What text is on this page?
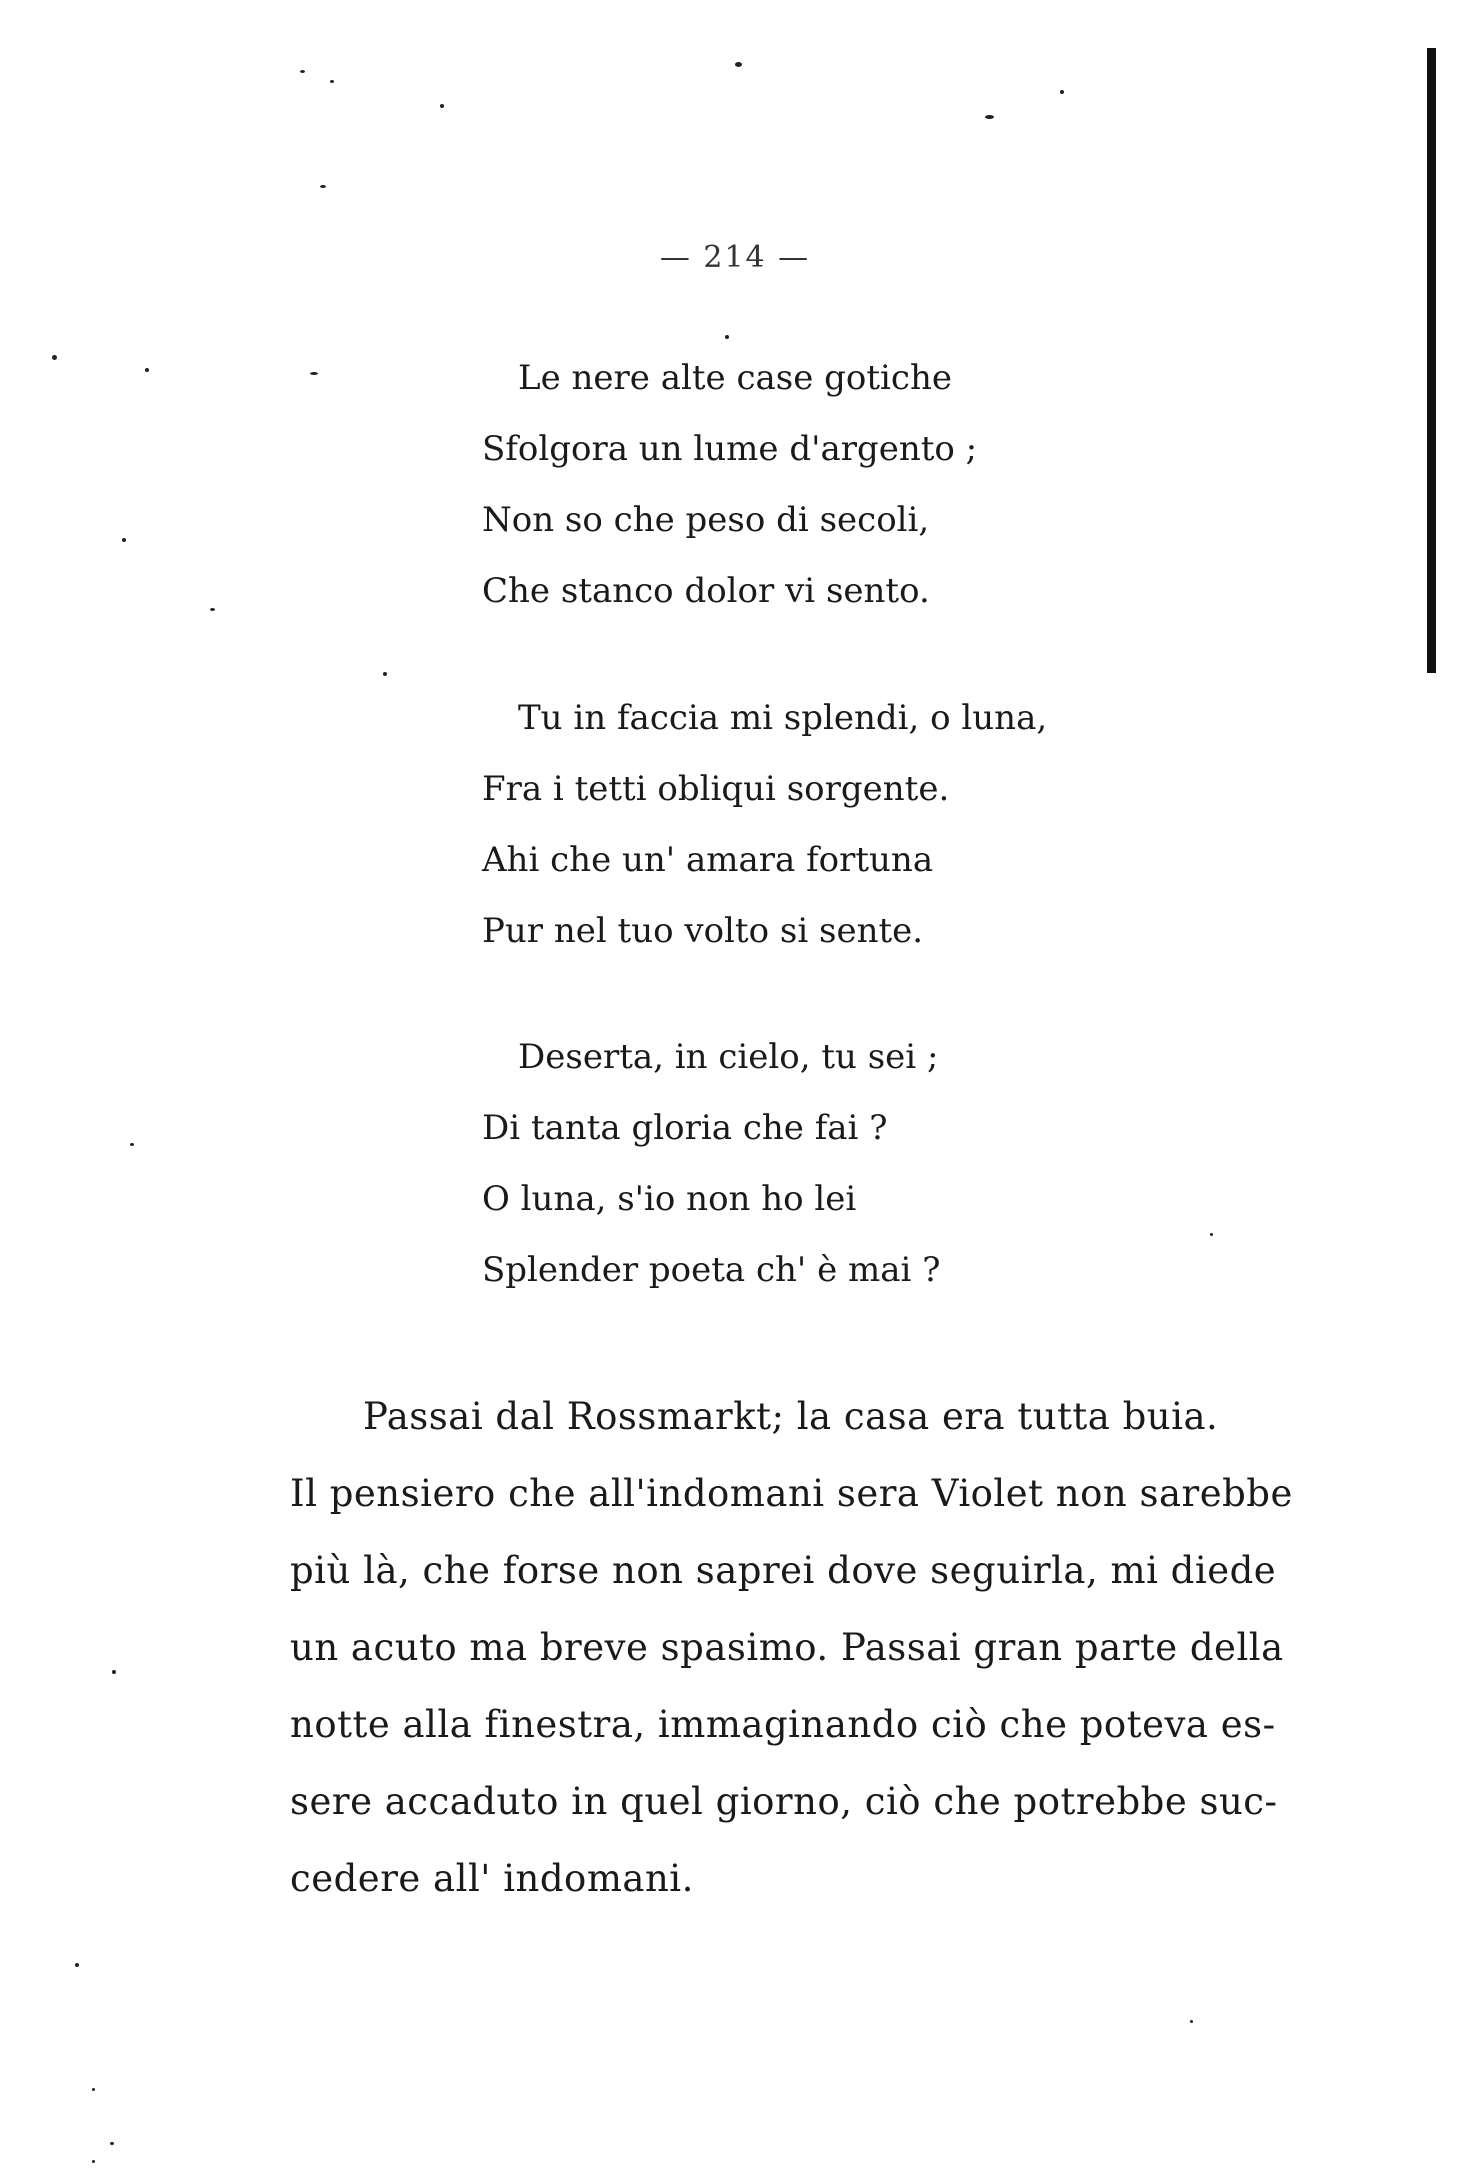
— 214 —
Le nere alte case gotiche
Sfolgora un lume d'argento ;
Non so che peso di secoli,
Che stanco dolor vi sento.
Tu in faccia mi splendi, o luna,
Fra i tetti obliqui sorgente.
Ahi che un' amara fortuna
Pur nel tuo volto si sente.
Deserta, in cielo, tu sei ;
Di tanta gloria che fai ?
O luna, s'io non ho lei
Splender poeta ch' è mai ?
Passai dal Rossmarkt; la casa era tutta buia.
Il pensiero che all'indomani sera Violet non sarebbe
più là, che forse non saprei dove seguirla, mi diede
un acuto ma breve spasimo. Passai gran parte della
notte alla finestra, immaginando ciò che poteva es-
sere accaduto in quel giorno, ciò che potrebbe suc-
cedere all' indomani.
